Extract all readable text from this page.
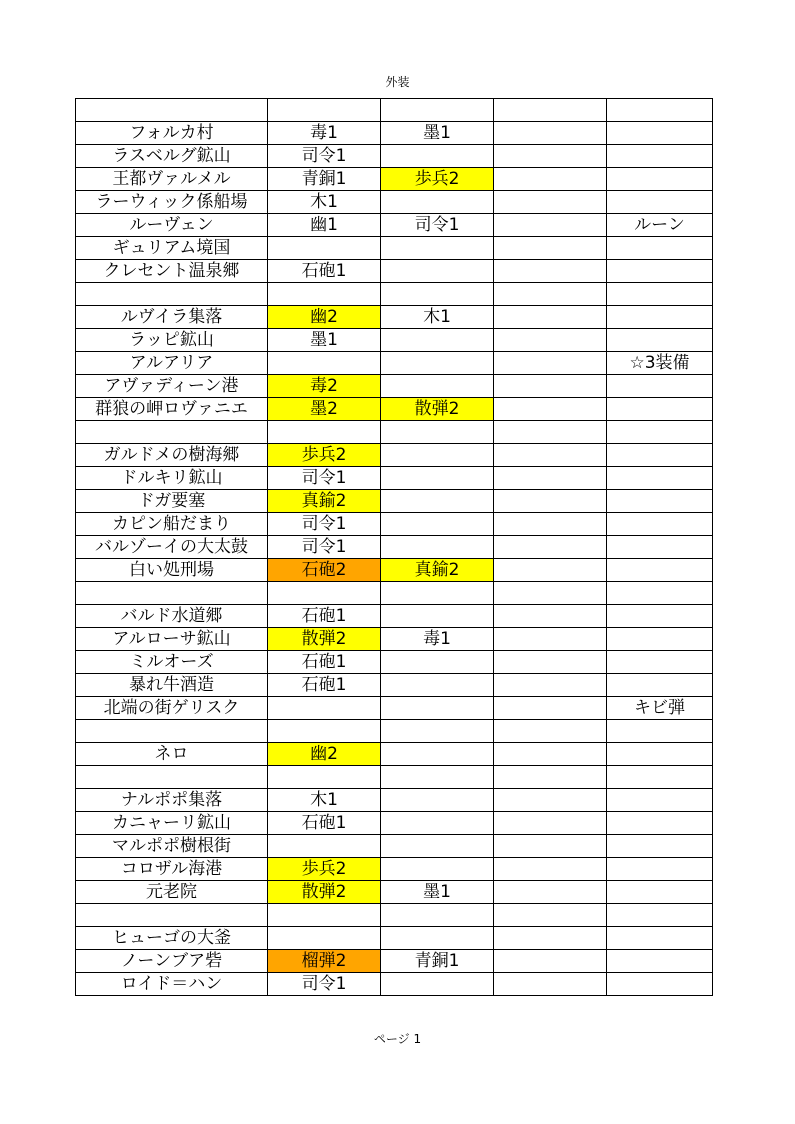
外装

フォルカ村	毒1	墨1		
ラスベルグ鉱山	司令1			
王都ヴァルメル	青銅1	歩兵2		
ラーウィック係船場	木1			
ルーヴェン	幽1	司令1		ルーン
ギュリアム境国				
クレセント温泉郷	石砲1			

ルヴイラ集落	幽2	木1		
ラッピ鉱山	墨1			
アルアリア				☆3装備
アヴァディーン港	毒2			
群狼の岬ロヴァニエ	墨2	散弾2		

ガルドメの樹海郷	歩兵2			
ドルキリ鉱山	司令1			
ドガ要塞	真鍮2			
カピン船だまり	司令1			
バルゾーイの大太鼓	司令1			
白い処刑場	石砲2	真鍮2		

バルド水道郷	石砲1			
アルローサ鉱山	散弾2	毒1		
ミルオーズ	石砲1			
暴れ牛酒造	石砲1			
北端の街ゲリスク				キビ弾

ネロ	幽2			

ナルポポ集落	木1			
カニャーリ鉱山	石砲1			
マルポポ樹根街				
コロザル海港	歩兵2			
元老院	散弾2	墨1		

ヒューゴの大釜				
ノーンブア砦	榴弾2	青銅1		
ロイド＝ハン	司令1			
ページ 1
